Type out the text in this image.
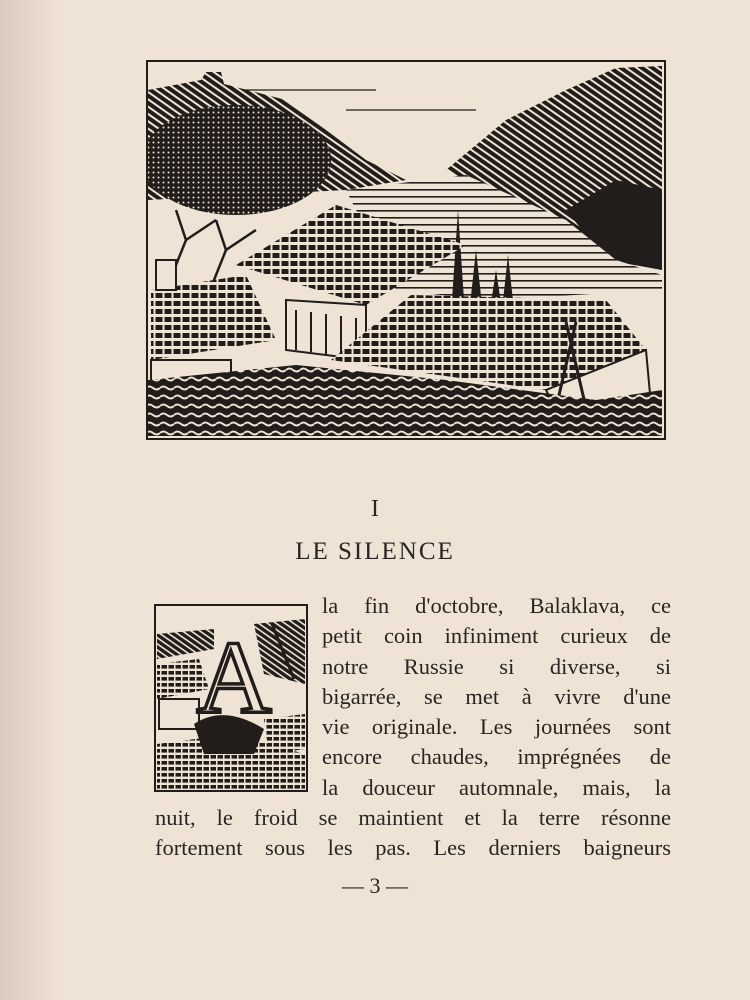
I
LE SILENCE
A
la fin d'octobre, Balaklava, ce
petit coin infiniment curieux de
notre Russie si diverse, si
bigarrée, se met à vivre d'une
vie originale. Les journées sont
encore chaudes, imprégnées de
la douceur automnale, mais, la
nuit, le froid se maintient et la terre résonne
fortement sous les pas. Les derniers baigneurs
— 3 —
